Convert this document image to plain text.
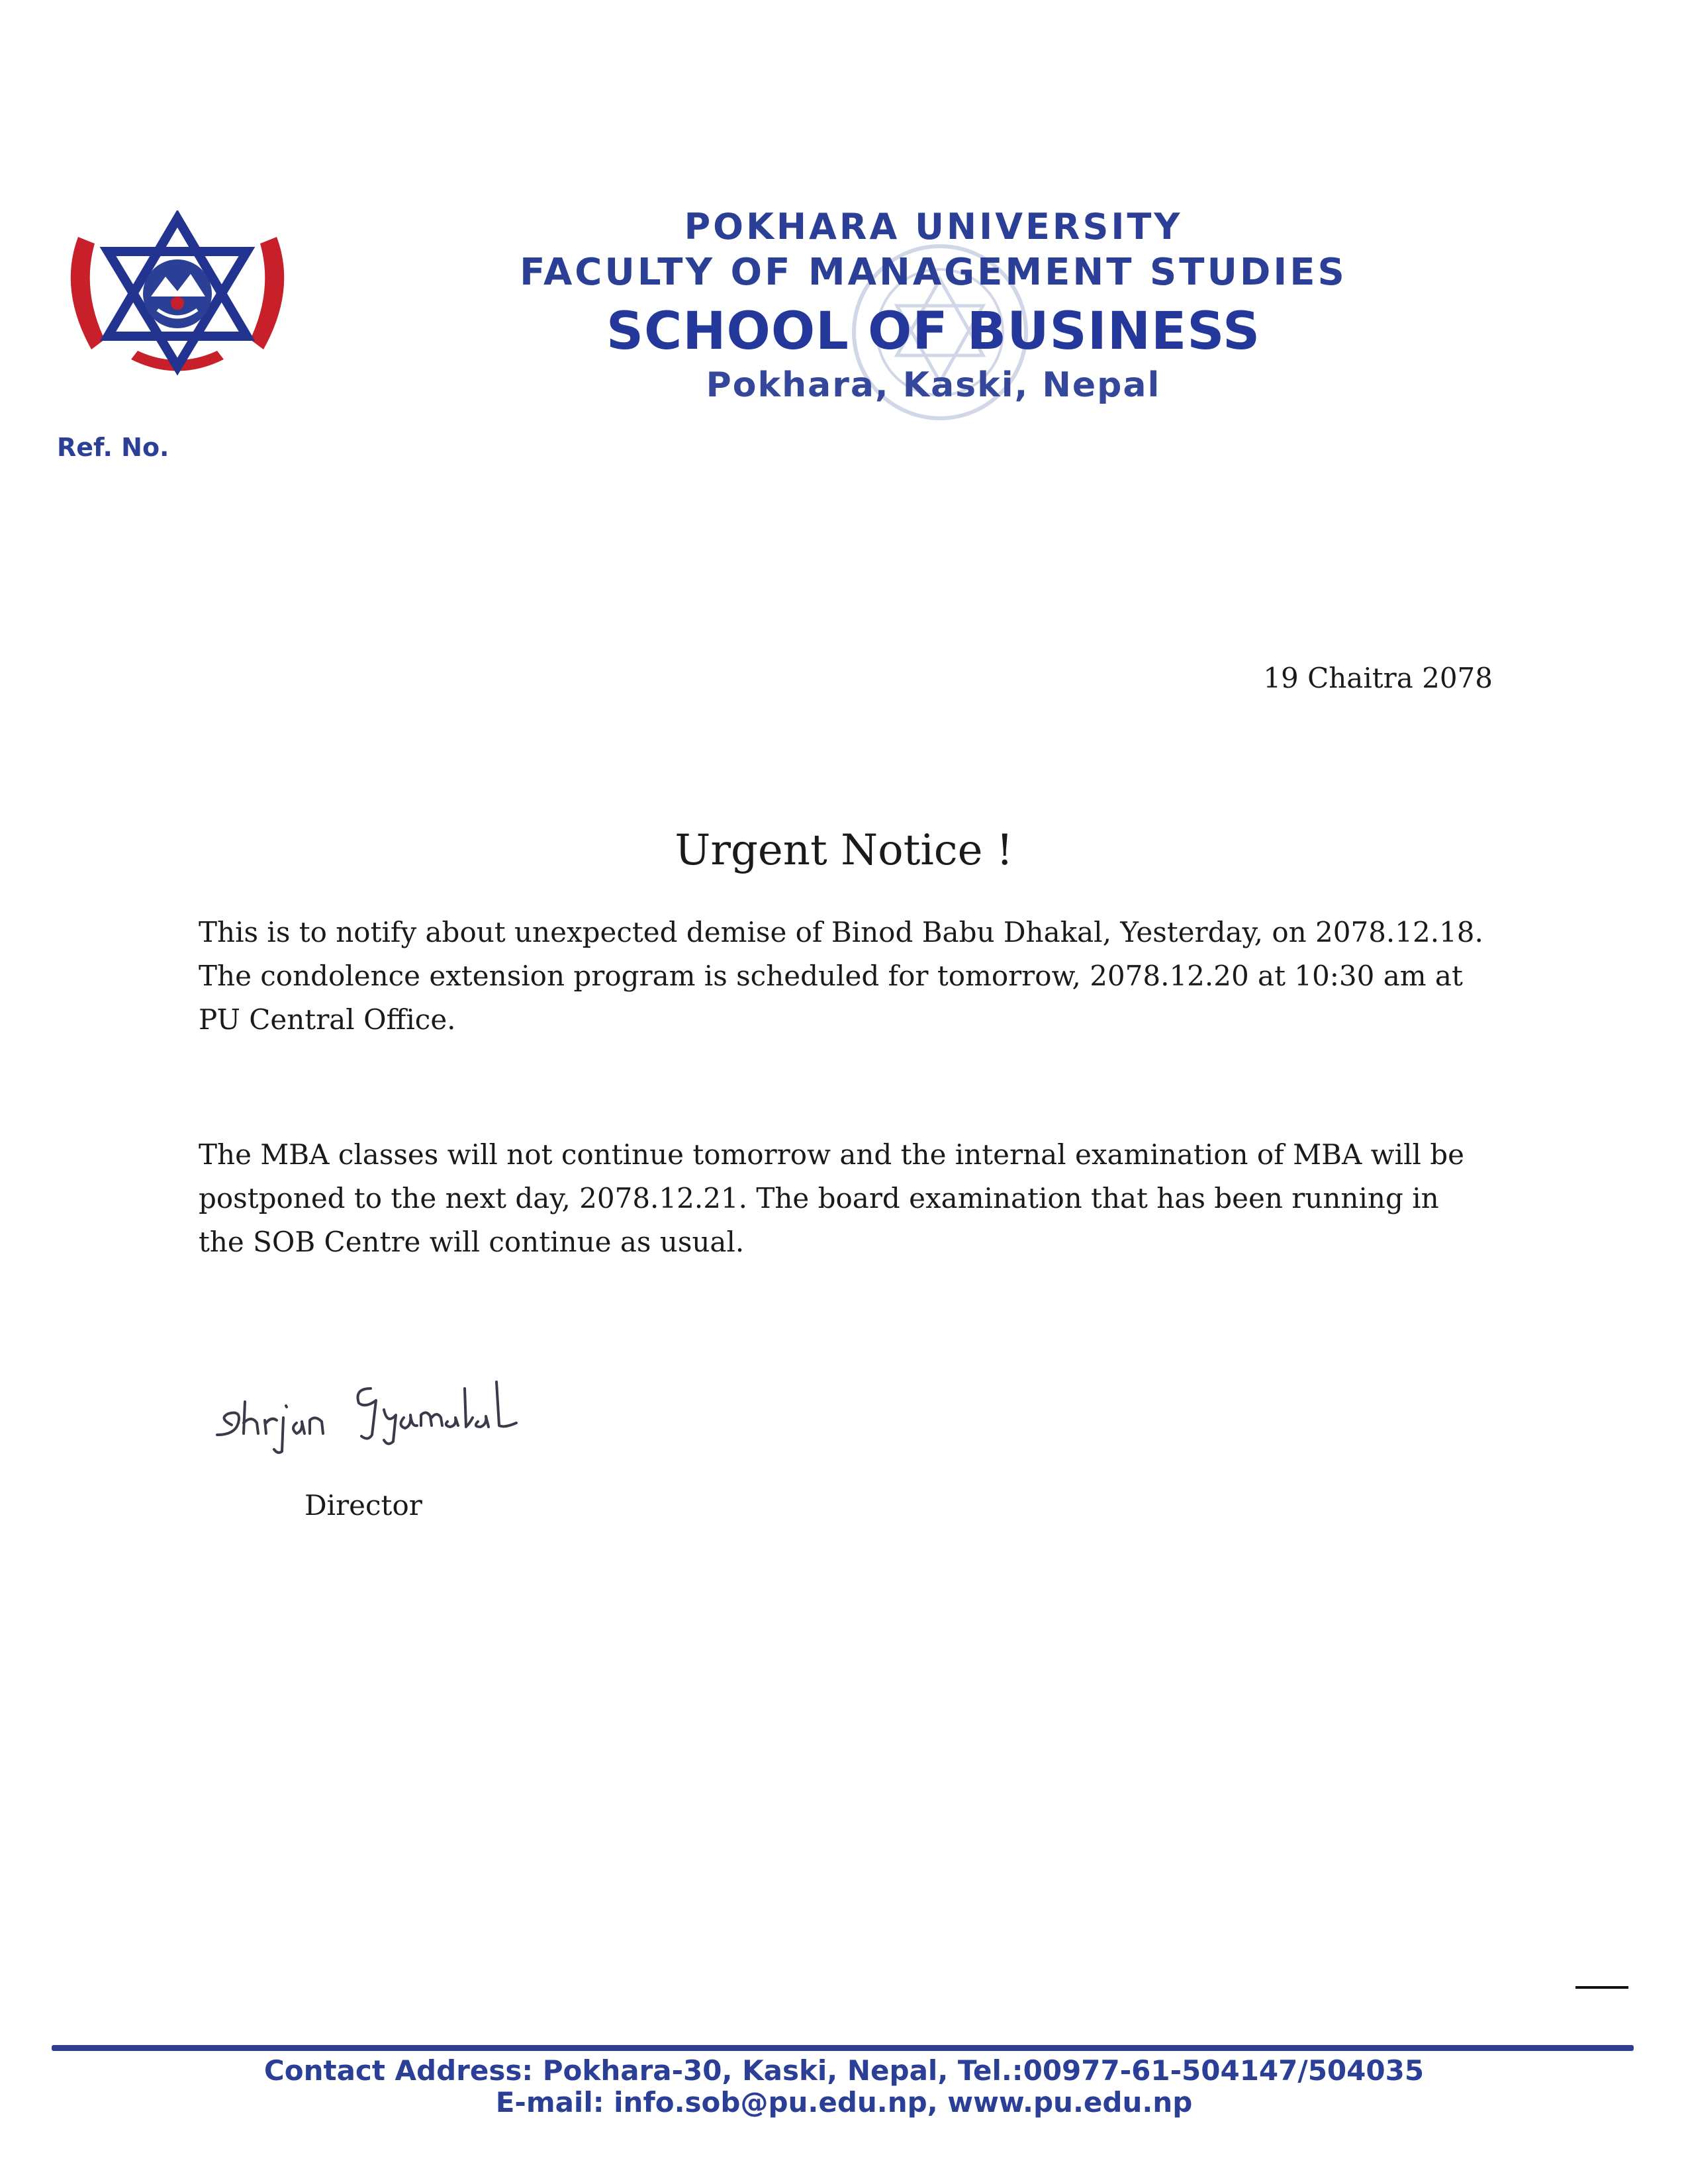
POKHARA UNIVERSITY
FACULTY OF MANAGEMENT STUDIES
SCHOOL OF BUSINESS
Pokhara, Kaski, Nepal
Ref. No.
19 Chaitra 2078
Urgent Notice !
This is to notify about unexpected demise of Binod Babu Dhakal, Yesterday, on 2078.12.18. The condolence extension program is scheduled for tomorrow, 2078.12.20 at 10:30 am at PU Central Office.
The MBA classes will not continue tomorrow and the internal examination of MBA will be postponed to the next day, 2078.12.21. The board examination that has been running in the SOB Centre will continue as usual.
Director
Contact Address: Pokhara-30, Kaski, Nepal, Tel.:00977-61-504147/504035
E-mail: info.sob@pu.edu.np, www.pu.edu.np
